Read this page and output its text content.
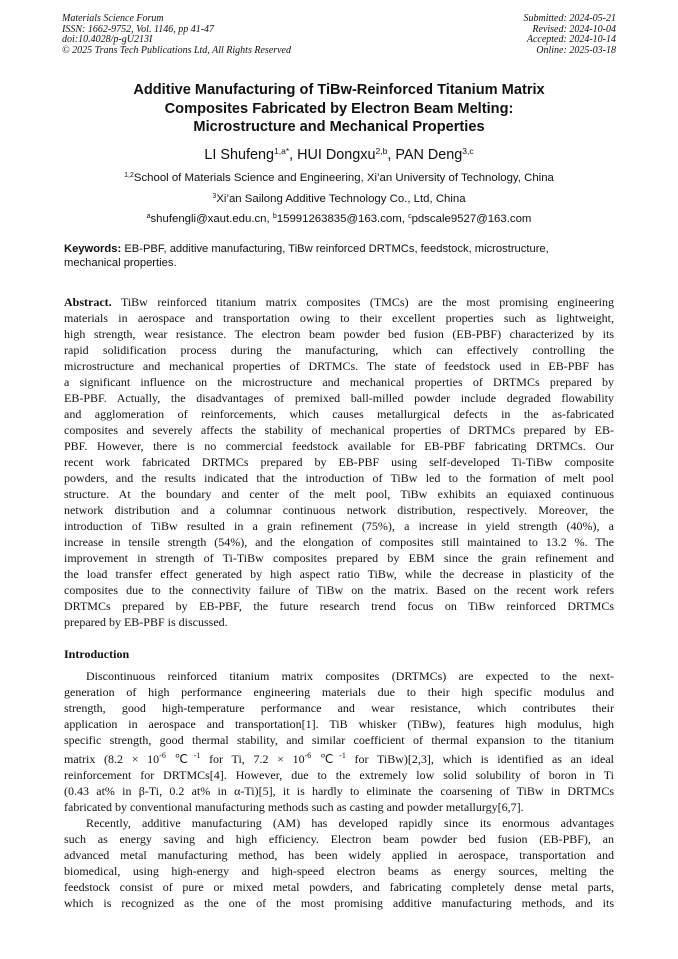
Materials Science Forum
ISSN: 1662-9752, Vol. 1146, pp 41-47
doi:10.4028/p-gU213I
© 2025 Trans Tech Publications Ltd, All Rights Reserved
Submitted: 2024-05-21
Revised: 2024-10-04
Accepted: 2024-10-14
Online: 2025-03-18
Additive Manufacturing of TiBw-Reinforced Titanium Matrix
Composites Fabricated by Electron Beam Melting:
Microstructure and Mechanical Properties
LI Shufeng$^{1,a*}$, HUI Dongxu$^{2,b}$, PAN Deng$^{3,c}$
$^{1,2}$School of Materials Science and Engineering, Xi’an University of Technology, China
$^3$Xi’an Sailong Additive Technology Co., Ltd, China
$^a$shufengli@xaut.edu.cn, $^b$15991263835@163.com, $^c$pdscale9527@163.com
Keywords: EB-PBF, additive manufacturing, TiBw reinforced DRTMCs, feedstock, microstructure,
mechanical properties.
Abstract. TiBw reinforced titanium matrix composites (TMCs) are the most promising engineering
materials in aerospace and transportation owing to their excellent properties such as lightweight,
high strength, wear resistance. The electron beam powder bed fusion (EB-PBF) characterized by its
rapid solidification process during the manufacturing, which can effectively controlling the
microstructure and mechanical properties of DRTMCs. The state of feedstock used in EB-PBF has
a significant influence on the microstructure and mechanical properties of DRTMCs prepared by
EB-PBF. Actually, the disadvantages of premixed ball-milled powder include degraded flowability
and agglomeration of reinforcements, which causes metallurgical defects in the as-fabricated
composites and severely affects the stability of mechanical properties of DRTMCs prepared by EB-
PBF. However, there is no commercial feedstock available for EB-PBF fabricating DRTMCs. Our
recent work fabricated DRTMCs prepared by EB-PBF using self-developed Ti-TiBw composite
powders, and the results indicated that the introduction of TiBw led to the formation of melt pool
structure. At the boundary and center of the melt pool, TiBw exhibits an equiaxed continuous
network distribution and a columnar continuous network distribution, respectively. Moreover, the
introduction of TiBw resulted in a grain refinement (75%), a increase in yield strength (40%), a
increase in tensile strength (54%), and the elongation of composites still maintained to 13.2 %. The
improvement in strength of Ti-TiBw composites prepared by EBM since the grain refinement and
the load transfer effect generated by high aspect ratio TiBw, while the decrease in plasticity of the
composites due to the connectivity failure of TiBw on the matrix. Based on the recent work refers
DRTMCs prepared by EB-PBF, the future research trend focus on TiBw reinforced DRTMCs
prepared by EB-PBF is discussed.
Introduction
Discontinuous reinforced titanium matrix composites (DRTMCs) are expected to the next-
generation of high performance engineering materials due to their high specific modulus and
strength, good high-temperature performance and wear resistance, which contributes their
application in aerospace and transportation[1]. TiB whisker (TiBw), features high modulus, high
specific strength, good thermal stability, and similar coefficient of thermal expansion to the titanium
matrix ($8.2 \times 10^{-6}$ ℃$^{-1}$ for Ti, $7.2 \times 10^{-6}$ ℃$^{-1}$ for TiBw)[2,3], which is identified as an ideal
reinforcement for DRTMCs[4]. However, due to the extremely low solid solubility of boron in Ti
(0.43 at% in β-Ti, 0.2 at% in α-Ti)[5], it is hardly to eliminate the coarsening of TiBw in DRTMCs
fabricated by conventional manufacturing methods such as casting and powder metallurgy[6,7].
Recently, additive manufacturing (AM) has developed rapidly since its enormous advantages
such as energy saving and high efficiency. Electron beam powder bed fusion (EB-PBF), an
advanced metal manufacturing method, has been widely applied in aerospace, transportation and
biomedical, using high-energy and high-speed electron beams as energy sources, melting the
feedstock consist of pure or mixed metal powders, and fabricating completely dense metal parts,
which is recognized as the one of the most promising additive manufacturing methods, and its
